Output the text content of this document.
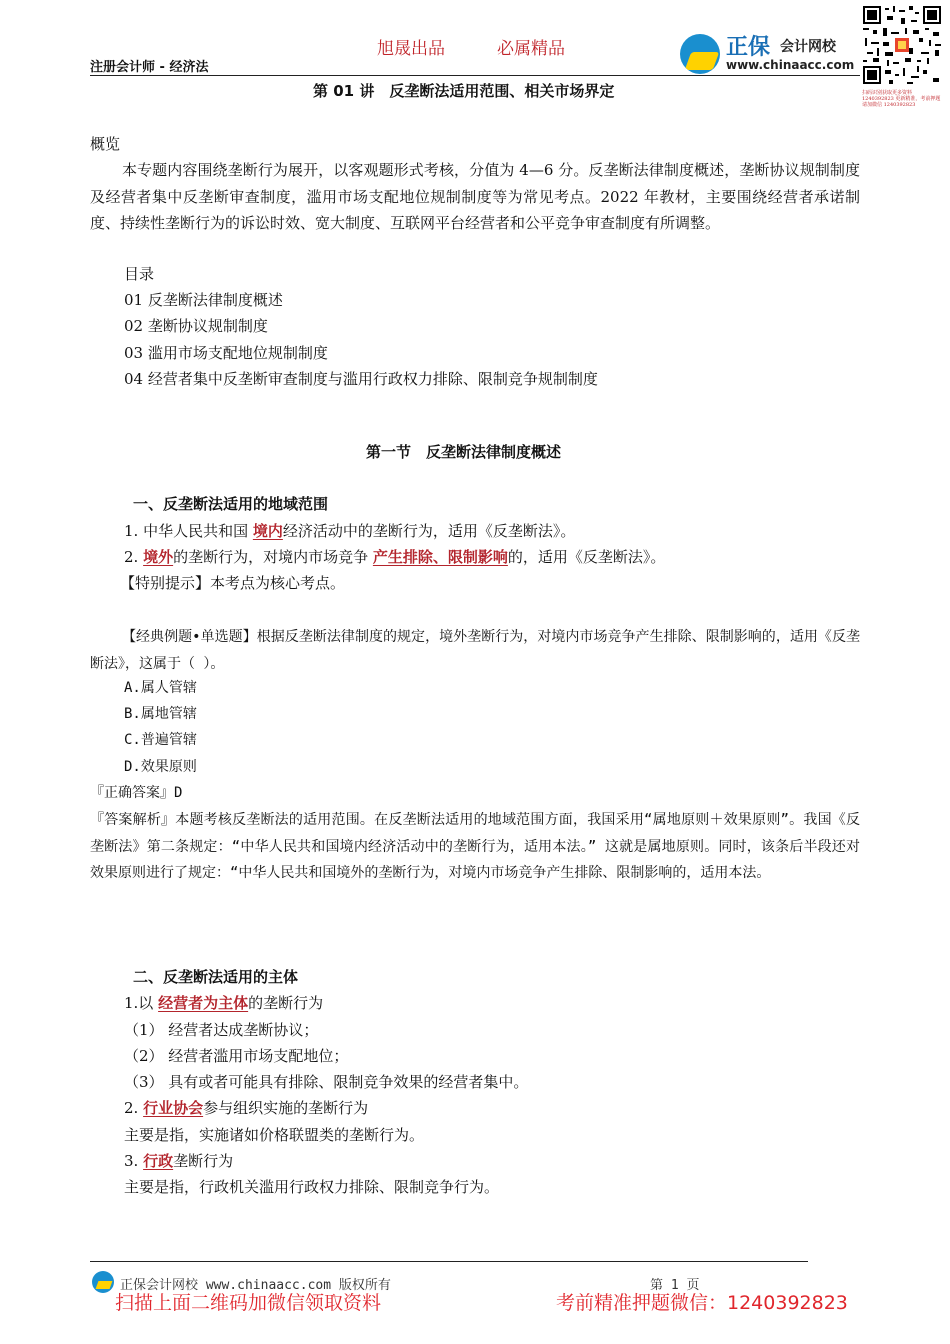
旭晟出品	必属精品
注册会计师 - 经济法
正保 会计网校
www.chinaacc.com
扫码识别获取更多资料 1240392823 更新精准，考前押题请加微信 1240392823
第 01 讲　反垄断法适用范围、相关市场界定
概览
本专题内容围绕垄断行为展开，以客观题形式考核，分值为 4—6 分。反垄断法律制度概述，垄断协议规制制度及经营者集中反垄断审查制度，滥用市场支配地位规制制度等为常见考点。2022 年教材，主要围绕经营者承诺制度、持续性垄断行为的诉讼时效、宽大制度、互联网平台经营者和公平竞争审查制度有所调整。
目录
01 反垄断法律制度概述
02 垄断协议规制制度
03 滥用市场支配地位规制制度
04 经营者集中反垄断审查制度与滥用行政权力排除、限制竞争规制制度
第一节　反垄断法律制度概述
一、反垄断法适用的地域范围
1. 中华人民共和国 境内经济活动中的垄断行为，适用《反垄断法》。
2. 境外的垄断行为，对境内市场竞争 产生排除、限制影响的，适用《反垄断法》。
【特别提示】本考点为核心考点。
【经典例题•单选题】根据反垄断法律制度的规定，境外垄断行为，对境内市场竞争产生排除、限制影响的，适用《反垄断法》，这属于（ ）。
A.属人管辖
B.属地管辖
C.普遍管辖
D.效果原则
『正确答案』D
『答案解析』本题考核反垄断法的适用范围。在反垄断法适用的地域范围方面，我国采用“属地原则＋效果原则”。我国《反垄断法》第二条规定：“中华人民共和国境内经济活动中的垄断行为，适用本法。” 这就是属地原则。同时，该条后半段还对效果原则进行了规定：“中华人民共和国境外的垄断行为，对境内市场竞争产生排除、限制影响的，适用本法。
二、反垄断法适用的主体
1.以 经营者为主体的垄断行为
（1） 经营者达成垄断协议；
（2） 经营者滥用市场支配地位；
（3） 具有或者可能具有排除、限制竞争效果的经营者集中。
2. 行业协会参与组织实施的垄断行为
主要是指，实施诸如价格联盟类的垄断行为。
3. 行政垄断行为
主要是指，行政机关滥用行政权力排除、限制竞争行为。
正保会计网校 www.chinaacc.com 版权所有	第 1 页
扫描上面二维码加微信领取资料	考前精准押题微信：1240392823
